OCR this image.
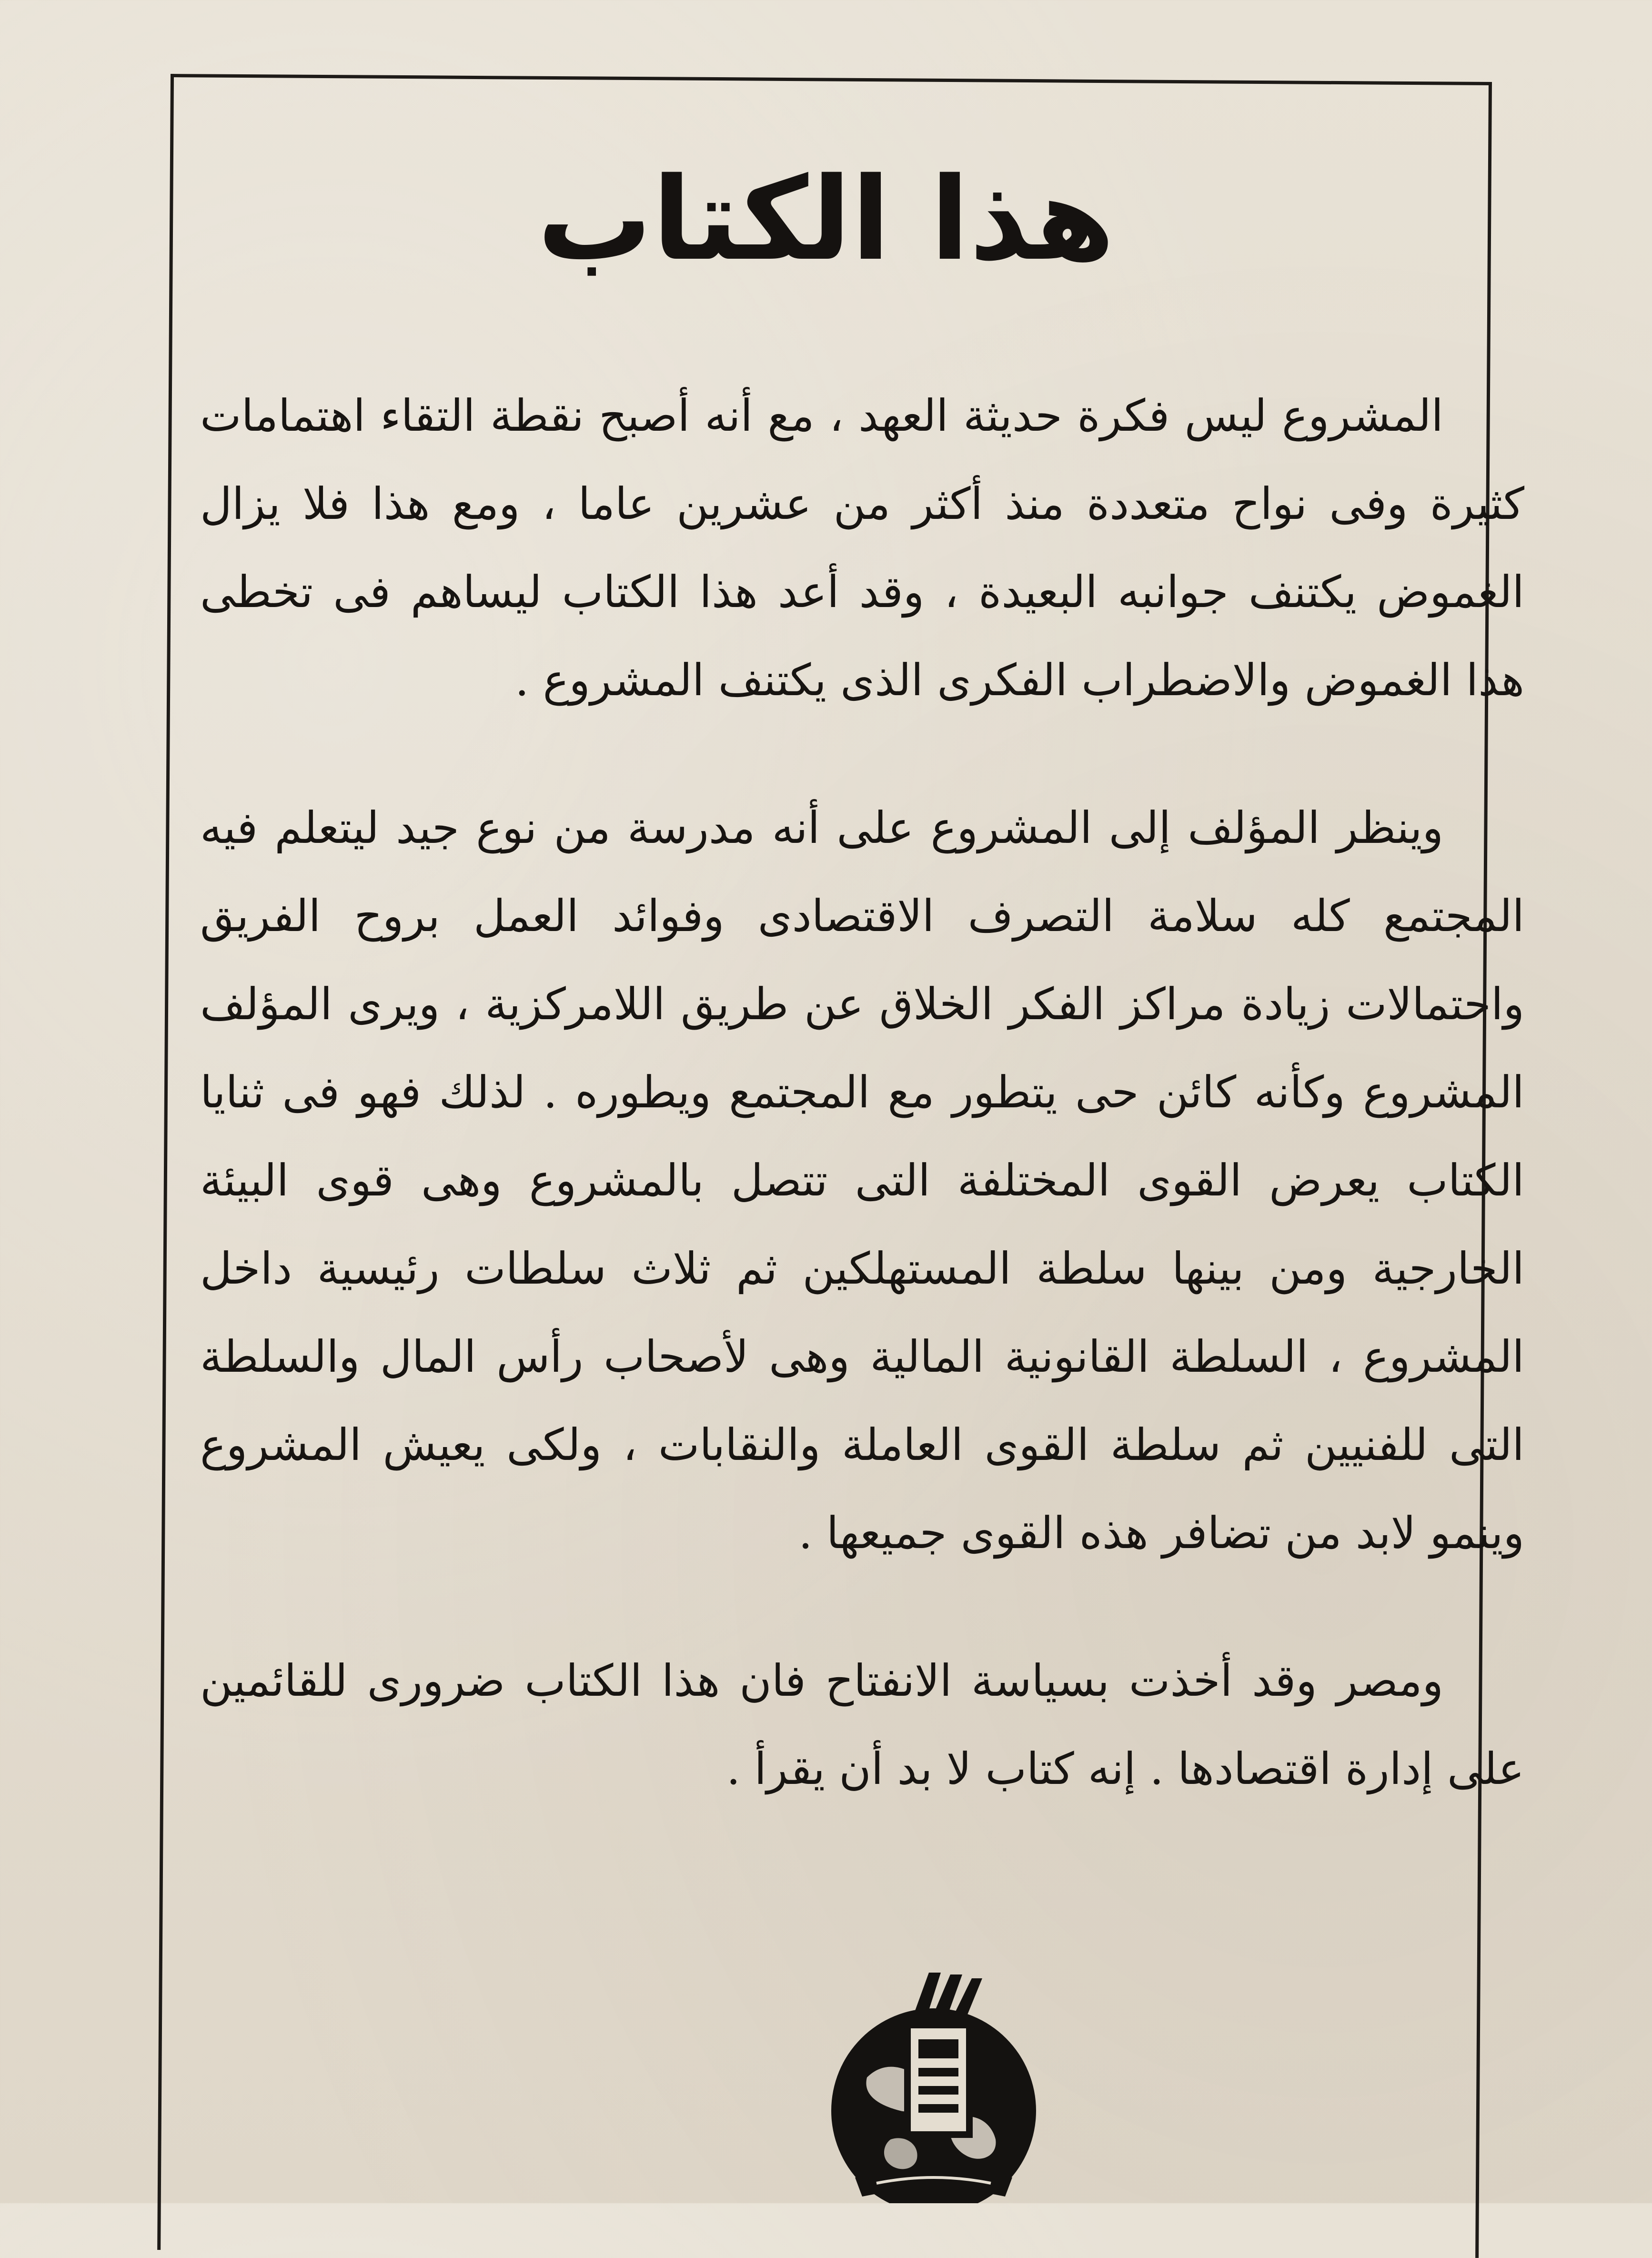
هذا الكتاب

المشروع ليس فكرة حديثة العهد ، مع أنه أصبح نقطة التقاء اهتمامات كثيرة وفى نواح متعددة منذ أكثر من عشرين عاما ، ومع هذا فلا يزال الغموض يكتنف جوانبه البعيدة ، وقد أعد هذا الكتاب ليساهم فى تخطى هذا الغموض والاضطراب الفكرى الذى يكتنف المشروع .

وينظر المؤلف إلى المشروع على أنه مدرسة من نوع جيد ليتعلم فيه المجتمع كله سلامة التصرف الاقتصادى وفوائد العمل بروح الفريق واحتمالات زيادة مراكز الفكر الخلاق عن طريق اللامركزية ، ويرى المؤلف المشروع وكأنه كائن حى يتطور مع المجتمع ويطوره . لذلك فهو فى ثنايا الكتاب يعرض القوى المختلفة التى تتصل بالمشروع وهى قوى البيئة الخارجية ومن بينها سلطة المستهلكين ثم ثلاث سلطات رئيسية داخل المشروع ، السلطة القانونية المالية وهى لأصحاب رأس المال والسلطة التى للفنيين ثم سلطة القوى العاملة والنقابات ، ولكى يعيش المشروع وينمو لابد من تضافر هذه القوى جميعها .

ومصر وقد أخذت بسياسة الانفتاح فان هذا الكتاب ضرورى للقائمين على إدارة اقتصادها . إنه كتاب لا بد أن يقرأ .
